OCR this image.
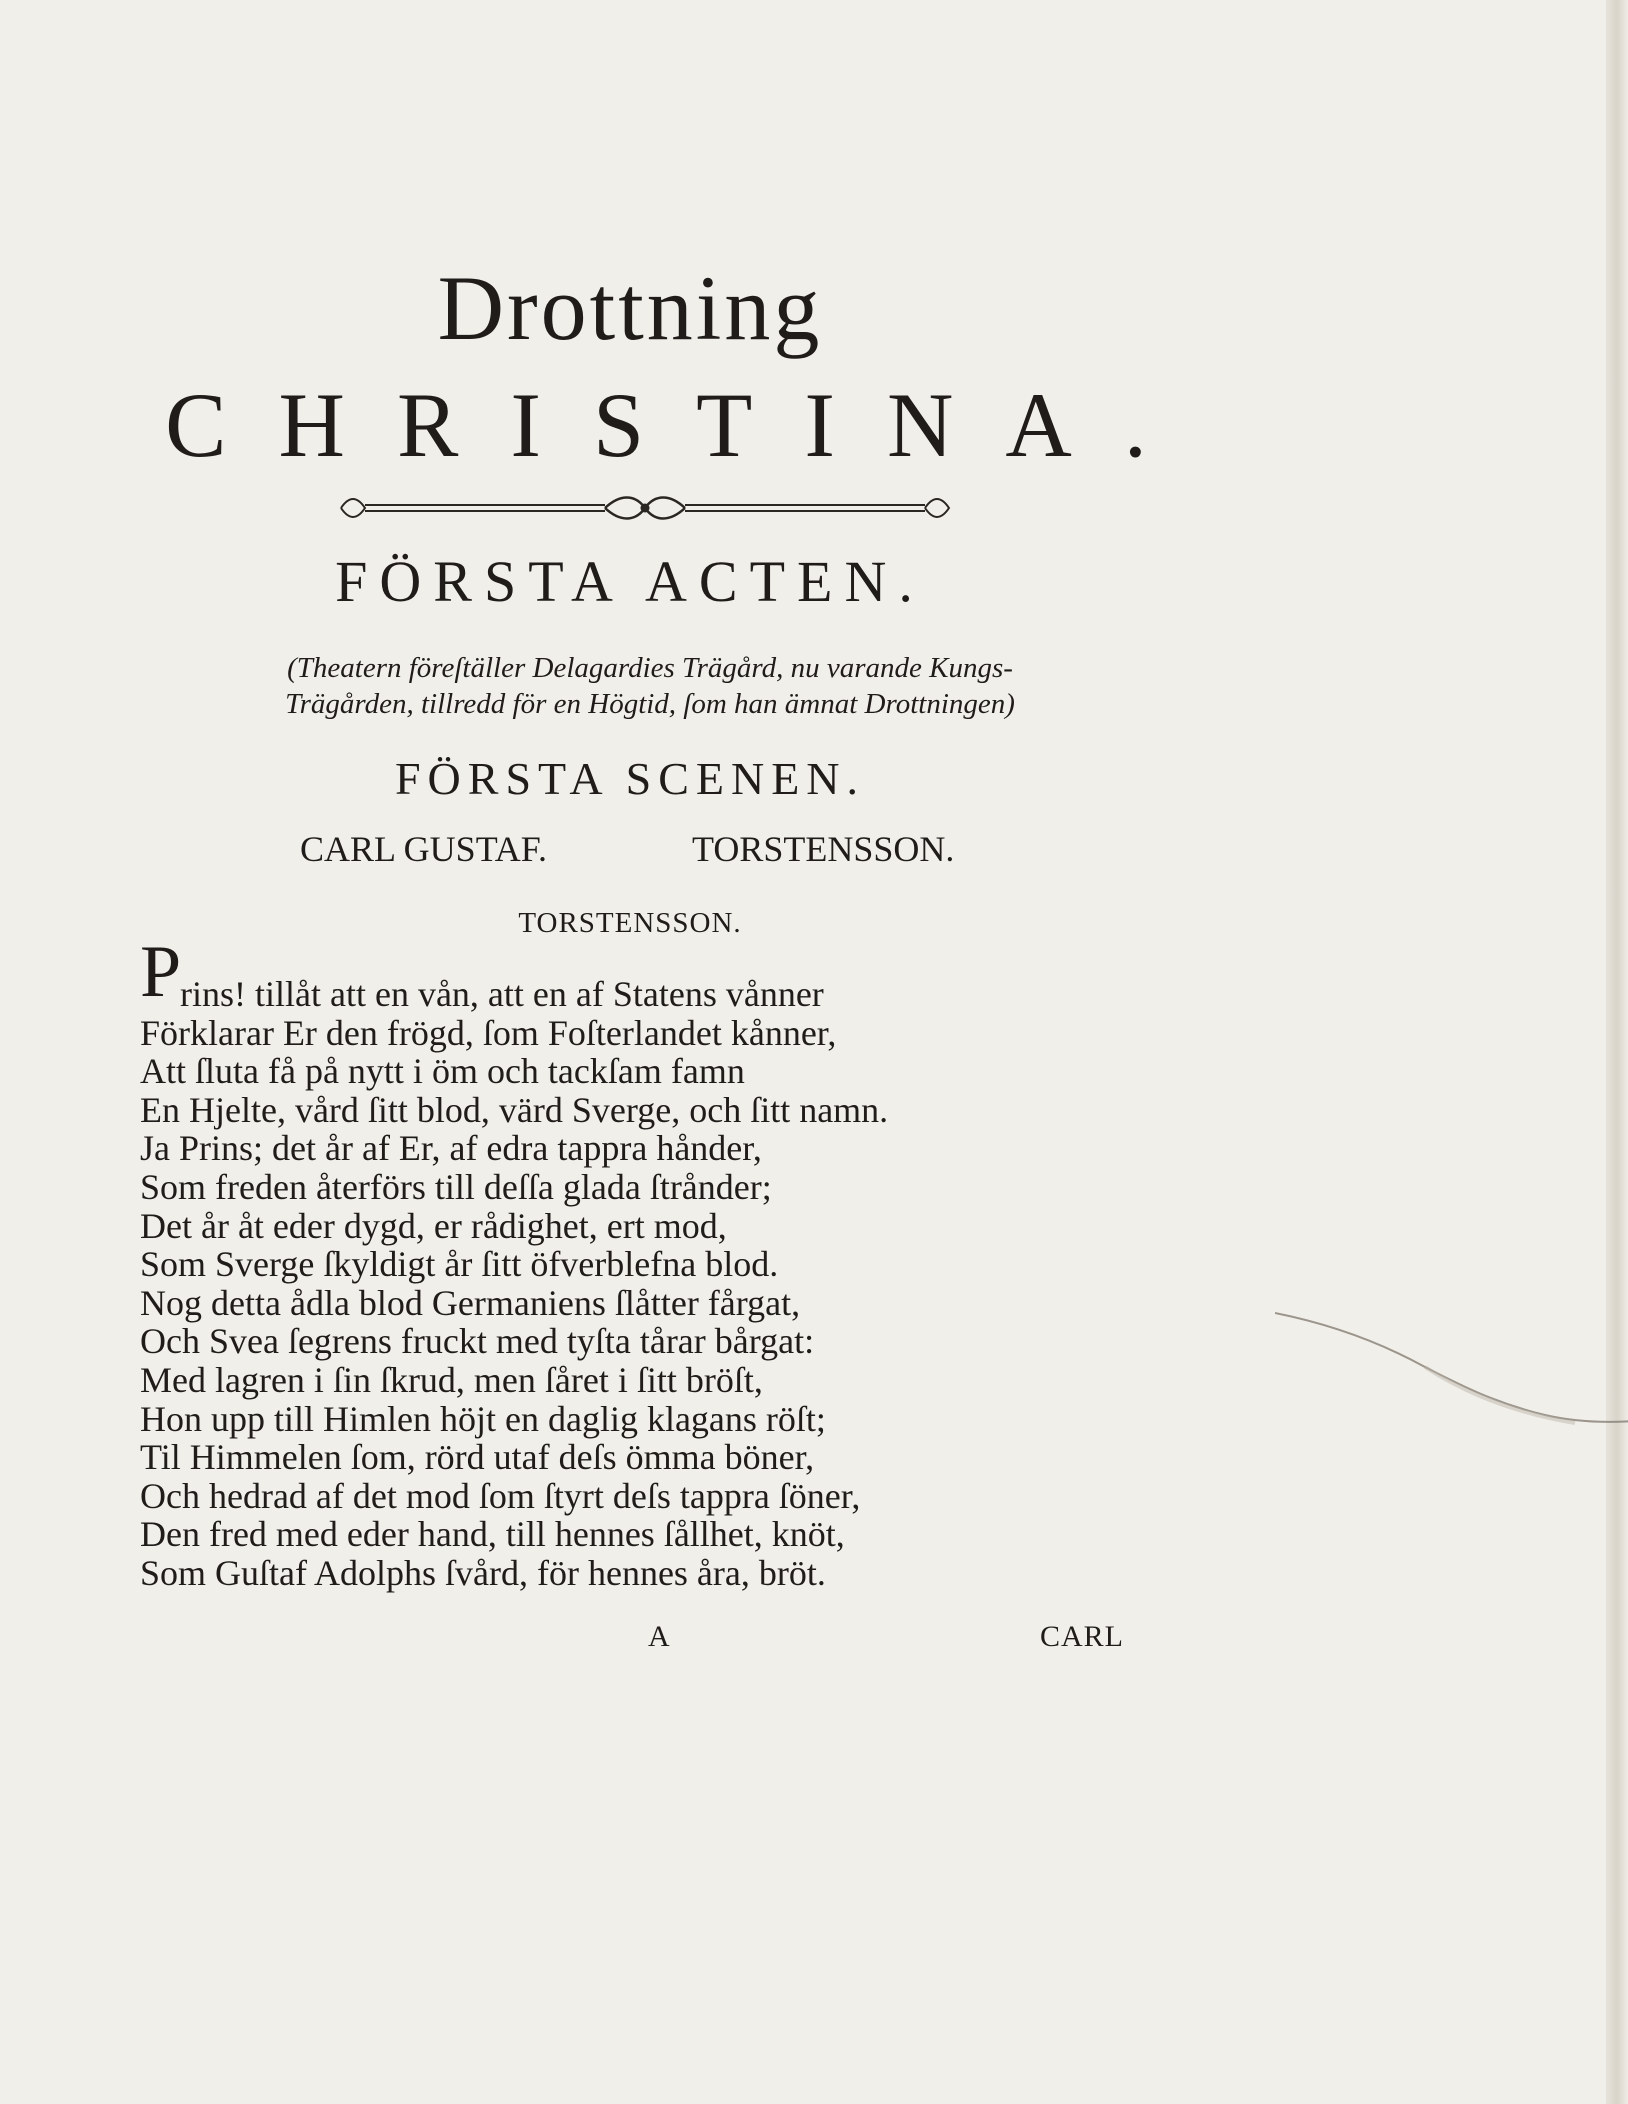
Drottning
CHRISTINA.
FÖRSTA ACTEN.

(Theatern föreſtäller Delagardies Trägård, nu varande Kungs-
Trägården, tillredd för en Högtid, ſom han ämnat Drottningen)

FÖRSTA SCENEN.
CARL GUSTAF.	TORSTENSSON.
TORSTENSSON.
P
rins! tillåt att en vån, att en af Statens vånner
Förklarar Er den frögd, ſom Foſterlandet kånner,
Att ſluta få på nytt i öm och tackſam famn
En Hjelte, vård ſitt blod, värd Sverge, och ſitt namn.
Ja Prins; det år af Er, af edra tappra hånder,
Som freden återförs till deſſa glada ſtrånder;
Det år åt eder dygd, er rådighet, ert mod,
Som Sverge ſkyldigt år ſitt öfverblefna blod.
Nog detta ådla blod Germaniens ſlåtter fårgat,
Och Svea ſegrens fruckt med tyſta tårar bårgat:
Med lagren i ſin ſkrud, men ſåret i ſitt bröſt,
Hon upp till Himlen höjt en daglig klagans röſt;
Til Himmelen ſom, rörd utaf deſs ömma böner,
Och hedrad af det mod ſom ſtyrt deſs tappra ſöner,
Den fred med eder hand, till hennes ſållhet, knöt,
Som Guſtaf Adolphs ſvård, för hennes åra, bröt.
A	CARL
